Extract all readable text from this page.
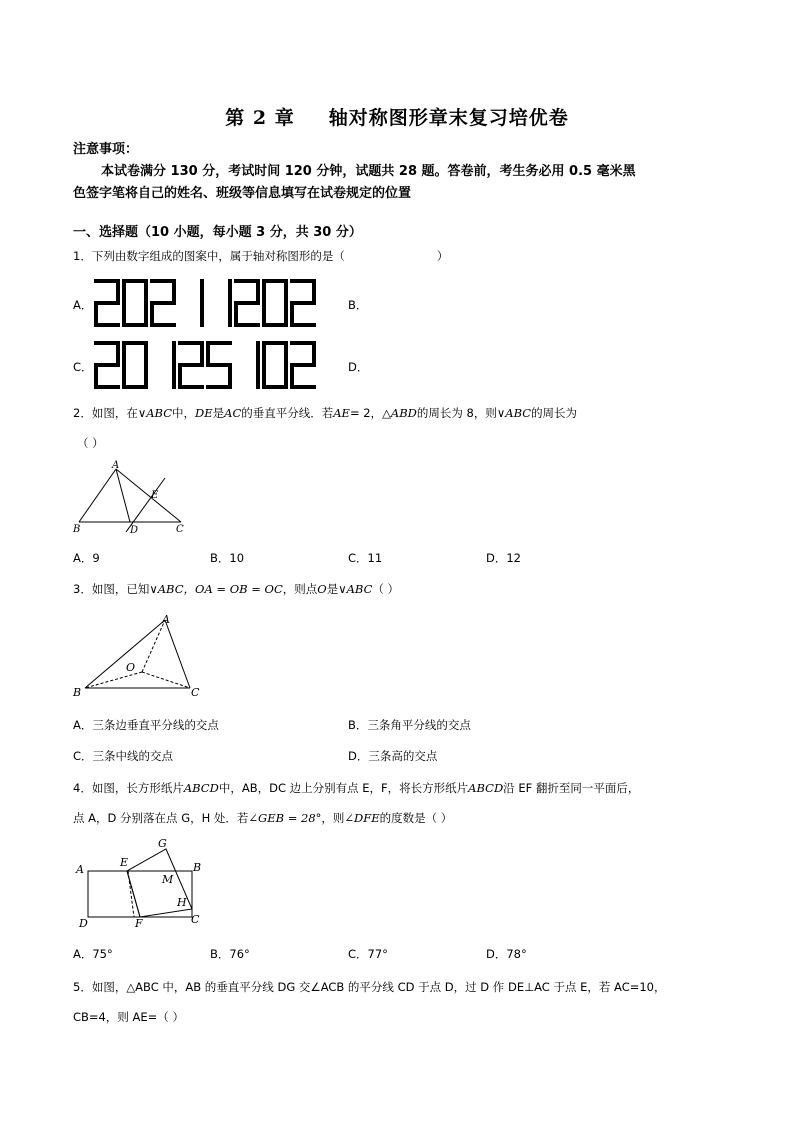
第 2 章 轴对称图形章末复习培优卷
注意事项：
本试卷满分 130 分，考试时间 120 分钟，试题共 28 题。答卷前，考生务必用 0.5 毫米黑
色签字笔将自己的姓名、班级等信息填写在试卷规定的位置
一、选择题（10 小题，每小题 3 分，共 30 分）
1．下列由数字组成的图案中，属于轴对称图形的是（	）
A．	B．
C．	D．
2．如图，在∨ABC中，DE是AC的垂直平分线．若AE= 2，△ABD的周长为 8，则∨ABC的周长为
（ ）
A
E
B	D	C
A．9	B．10	C．11	D．12
3．如图，已知∨ABC，OA = OB = OC，则点O是∨ABC（ ）
A
O
B	C
A．三条边垂直平分线的交点	B．三条角平分线的交点
C．三条中线的交点	D．三条高的交点
4．如图，长方形纸片ABCD中，AB，DC 边上分别有点 E，F，将长方形纸片ABCD沿 EF 翻折至同一平面后，
点 A，D 分别落在点 G，H 处．若∠GEB = 28°，则∠DFE的度数是（ ）
G
A
E	B
M
H
D	F	C
A．75°	B．76°	C．77°	D．78°
5．如图，△ABC 中，AB 的垂直平分线 DG 交∠ACB 的平分线 CD 于点 D，过 D 作 DE⊥AC 于点 E，若 AC=10，
CB=4，则 AE=（ ）
